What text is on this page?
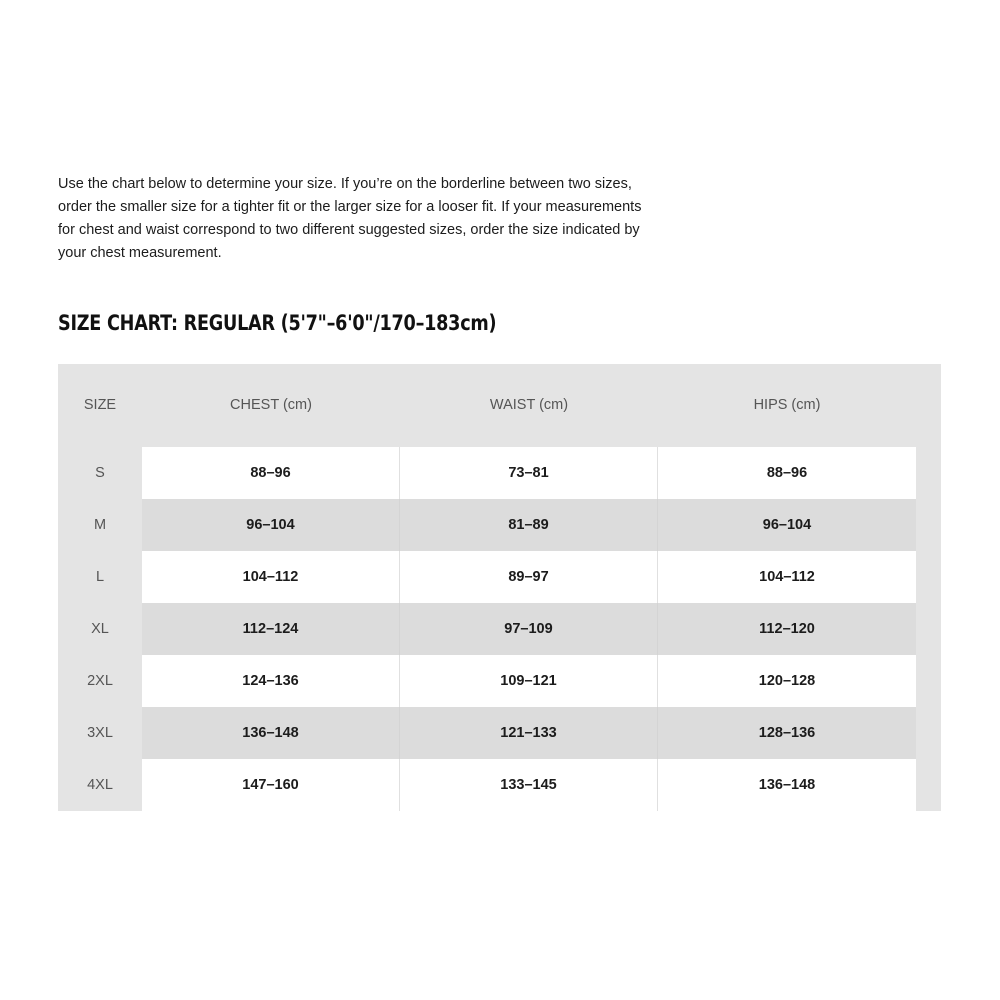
Use the chart below to determine your size. If you’re on the borderline between two sizes, order the smaller size for a tighter fit or the larger size for a looser fit. If your measurements for chest and waist correspond to two different suggested sizes, order the size indicated by your chest measurement.

SIZE CHART: REGULAR (5'7"–6'0"/170–183cm)
SIZE	CHEST (cm)	WAIST (cm)	HIPS (cm)
S	88–96	73–81	88–96
M	96–104	81–89	96–104
L	104–112	89–97	104–112
XL	112–124	97–109	112–120
2XL	124–136	109–121	120–128
3XL	136–148	121–133	128–136
4XL	147–160	133–145	136–148
